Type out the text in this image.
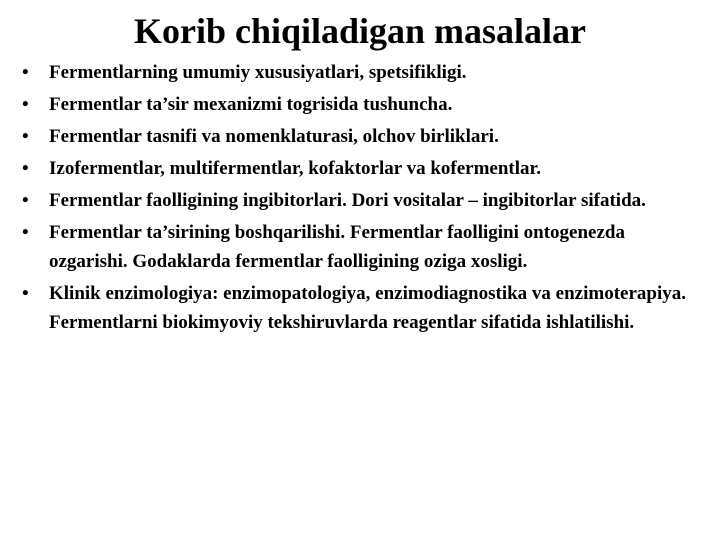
Korib chiqiladigan masalalar
•	Fermentlarning umumiy xususiyatlari, spetsifikligi.
•	Fermentlar ta’sir mexanizmi togrisida tushuncha.
•	Fermentlar tasnifi va nomenklaturasi, olchov birliklari.
•	Izofermentlar, multifermentlar, kofaktorlar va kofermentlar.
•	Fermentlar faolligining ingibitorlari. Dori vositalar – ingibitorlar sifatida.
•	Fermentlar ta’sirining boshqarilishi. Fermentlar faolligini ontogenezda ozgarishi. Godaklarda fermentlar faolligining oziga xosligi.
•	Klinik enzimologiya: enzimopatologiya, enzimodiagnostika va enzimoterapiya. Fermentlarni biokimyoviy tekshiruvlarda reagentlar sifatida ishlatilishi.
